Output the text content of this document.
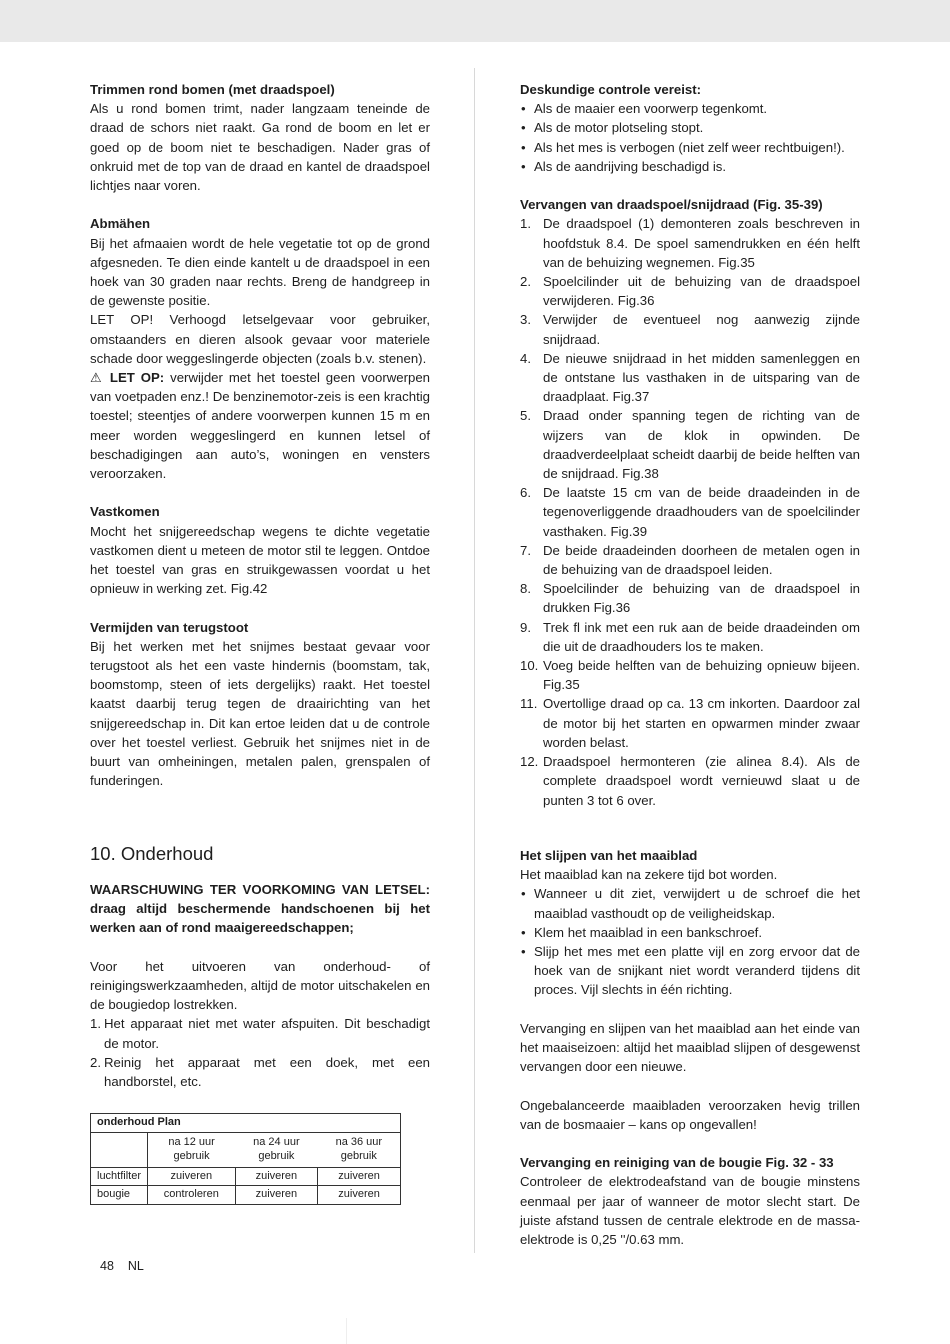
Trimmen rond bomen (met draadspoel)

Als u rond bomen trimt, nader langzaam teneinde de draad de schors niet raakt. Ga rond de boom en let er goed op de boom niet te beschadigen. Nader gras of onkruid met de top van de draad en kantel de draadspoel lichtjes naar voren.

Abmähen

Bij het afmaaien wordt de hele vegetatie tot op de grond afgesneden. Te dien einde kantelt u de draadspoel in een hoek van 30 graden naar rechts. Breng de handgreep in de gewenste positie.

LET OP! Verhoogd letselgevaar voor gebruiker, omstaanders en dieren alsook gevaar voor materiele schade door weggeslingerde objecten (zoals b.v. stenen).

⚠ LET OP: verwijder met het toestel geen voorwerpen van voetpaden enz.! De benzinemotor-zeis is een krachtig toestel; steentjes of andere voorwerpen kunnen 15 m en meer worden weggeslingerd en kunnen letsel of beschadigingen aan auto’s, woningen en vensters veroorzaken.

Vastkomen

Mocht het snijgereedschap wegens te dichte vegetatie vastkomen dient u meteen de motor stil te leggen. Ontdoe het toestel van gras en struikgewassen voordat u het opnieuw in werking zet. Fig.42

Vermijden van terugstoot

Bij het werken met het snijmes bestaat gevaar voor terugstoot als het een vaste hindernis (boomstam, tak, boomstomp, steen of iets dergelijks) raakt. Het toestel kaatst daarbij terug tegen de draairichting van het snijgereedschap in. Dit kan ertoe leiden dat u de controle over het toestel verliest. Gebruik het snijmes niet in de buurt van omheiningen, metalen palen, grenspalen of funderingen.

Deskundige controle vereist:

• Als de maaier een voorwerp tegenkomt.
• Als de motor plotseling stopt.
• Als het mes is verbogen (niet zelf weer rechtbuigen!).
• Als de aandrijving beschadigd is.

Vervangen van draadspoel/snijdraad (Fig. 35-39)

1. De draadspoel (1) demonteren zoals beschreven in hoofdstuk 8.4. De spoel samendrukken en één helft van de behuizing wegnemen. Fig.35
2. Spoelcilinder uit de behuizing van de draadspoel verwijderen. Fig.36
3. Verwijder de eventueel nog aanwezig zijnde snijdraad.
4. De nieuwe snijdraad in het midden samenleggen en de ontstane lus vasthaken in de uitsparing van de draadplaat. Fig.37
5. Draad onder spanning tegen de richting van de wijzers van de klok in opwinden. De draadverdeelplaat scheidt daarbij de beide helften van de snijdraad. Fig.38
6. De laatste 15 cm van de beide draadeinden in de tegenoverliggende draadhouders van de spoelcilinder vasthaken. Fig.39
7. De beide draadeinden doorheen de metalen ogen in de behuizing van de draadspoel leiden.
8. Spoelcilinder de behuizing van de draadspoel in drukken Fig.36
9. Trek fl ink met een ruk aan de beide draadeinden om die uit de draadhouders los te maken.
10. Voeg beide helften van de behuizing opnieuw bijeen. Fig.35
11. Overtollige draad op ca. 13 cm inkorten. Daardoor zal de motor bij het starten en opwarmen minder zwaar worden belast.
12. Draadspoel hermonteren (zie alinea 8.4). Als de complete draadspoel wordt vernieuwd slaat u de punten 3 tot 6 over.
10. Onderhoud

WAARSCHUWING TER VOORKOMING VAN LETSEL: draag altijd beschermende handschoenen bij het werken aan of rond maaigereedschappen;

Voor het uitvoeren van onderhoud- of reinigingswerkzaamheden, altijd de motor uitschakelen en de bougiedop lostrekken.

1. Het apparaat niet met water afspuiten. Dit beschadigt de motor.
2. Reinig het apparaat met een doek, met een handborstel, etc.
onderhoud Plan			
	na 12 uur gebruik	na 24 uur gebruik	na 36 uur gebruik
luchtfilter	zuiveren	zuiveren	zuiveren
bougie	controleren	zuiveren	zuiveren

Het slijpen van het maaiblad

Het maaiblad kan na zekere tijd bot worden.

• Wanneer u dit ziet, verwijdert u de schroef die het maaiblad vasthoudt op de veiligheidskap.
• Klem het maaiblad in een bankschroef.
• Slijp het mes met een platte vijl en zorg ervoor dat de hoek van de snijkant niet wordt veranderd tijdens dit proces. Vijl slechts in één richting.

Vervanging en slijpen van het maaiblad aan het einde van het maaiseizoen: altijd het maaiblad slijpen of desgewenst vervangen door een nieuwe.

Ongebalanceerde maaibladen veroorzaken hevig trillen van de bosmaaier – kans op ongevallen!

Vervanging en reiniging van de bougie Fig. 32 - 33

Controleer de elektrodeafstand van de bougie minstens eenmaal per jaar of wanneer de motor slecht start. De juiste afstand tussen de centrale elektrode en de massa-elektrode is 0,25 ''/0.63 mm.

48 NL
